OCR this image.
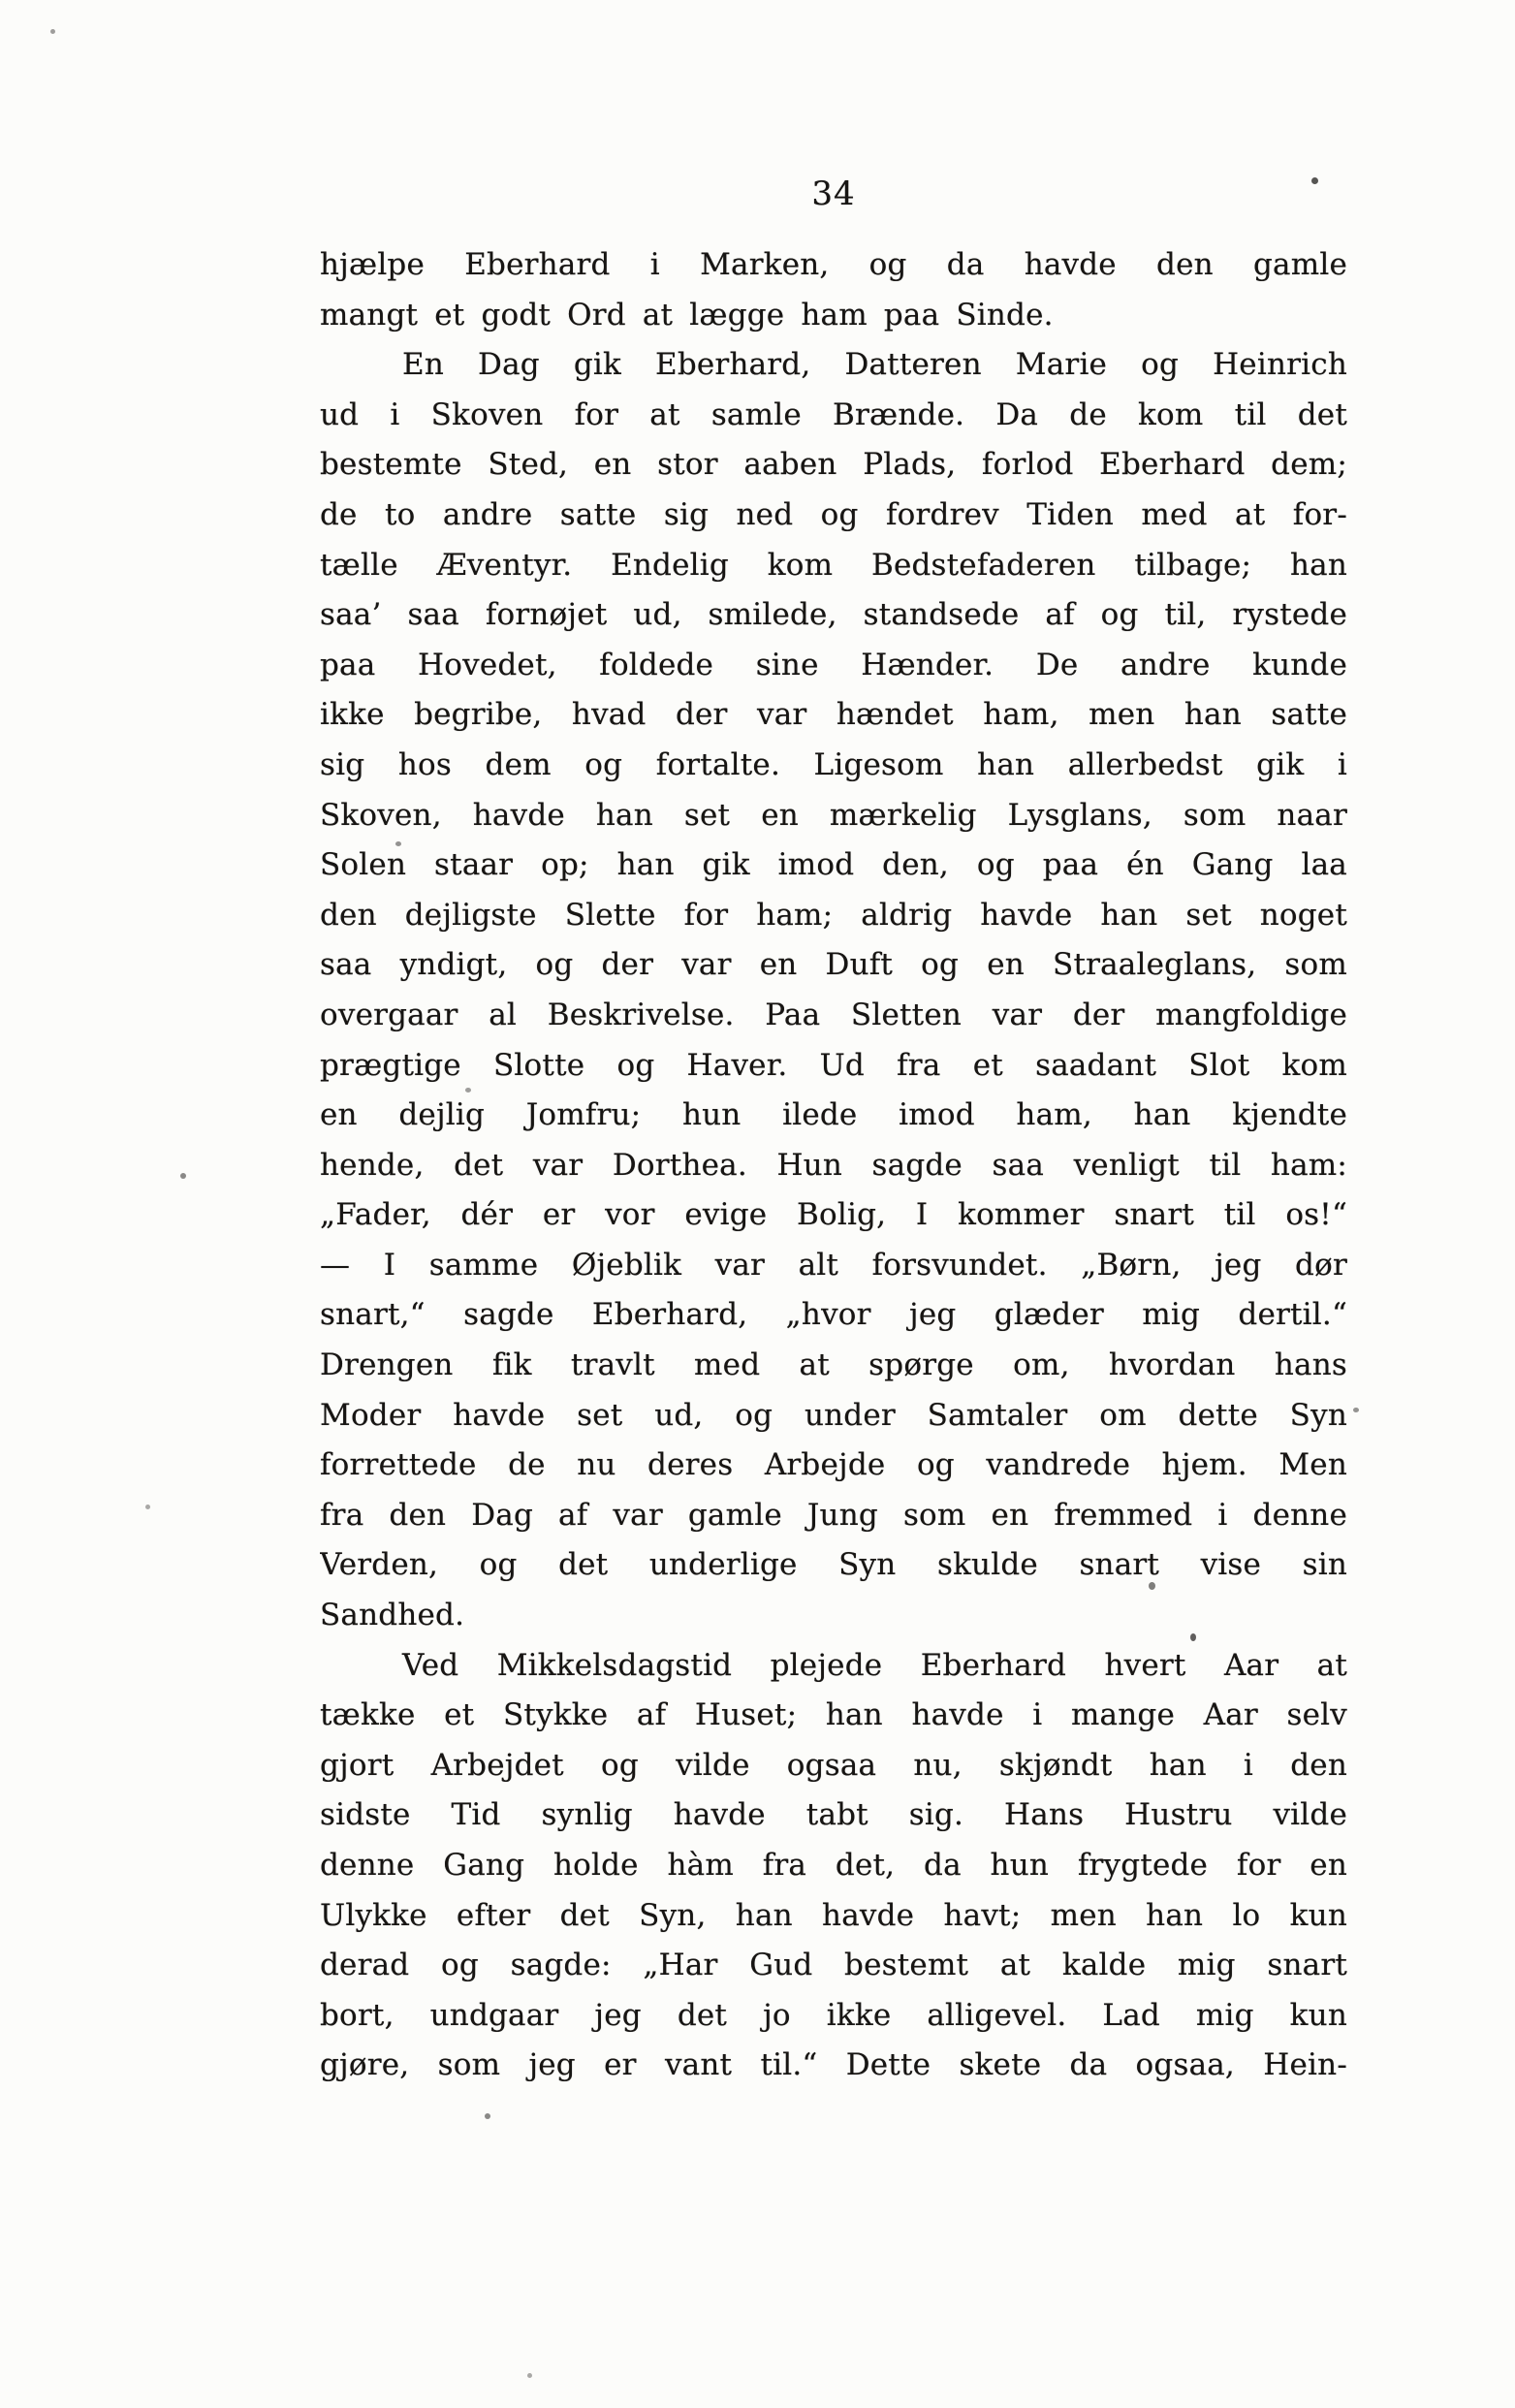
34
hjælpe Eberhard i Marken, og da havde den gamle
mangt et godt Ord at lægge ham paa Sinde.
En Dag gik Eberhard, Datteren Marie og Heinrich
ud i Skoven for at samle Brænde. Da de kom til det
bestemte Sted, en stor aaben Plads, forlod Eberhard dem;
de to andre satte sig ned og fordrev Tiden med at for-
tælle Æventyr. Endelig kom Bedstefaderen tilbage; han
saa’ saa fornøjet ud, smilede, standsede af og til, rystede
paa Hovedet, foldede sine Hænder. De andre kunde
ikke begribe, hvad der var hændet ham, men han satte
sig hos dem og fortalte. Ligesom han allerbedst gik i
Skoven, havde han set en mærkelig Lysglans, som naar
Solen staar op; han gik imod den, og paa én Gang laa
den dejligste Slette for ham; aldrig havde han set noget
saa yndigt, og der var en Duft og en Straaleglans, som
overgaar al Beskrivelse. Paa Sletten var der mangfoldige
prægtige Slotte og Haver. Ud fra et saadant Slot kom
en dejlig Jomfru; hun ilede imod ham, han kjendte
hende, det var Dorthea. Hun sagde saa venligt til ham:
„Fader, dér er vor evige Bolig, I kommer snart til os!“
— I samme Øjeblik var alt forsvundet. „Børn, jeg dør
snart,“ sagde Eberhard, „hvor jeg glæder mig dertil.“
Drengen fik travlt med at spørge om, hvordan hans
Moder havde set ud, og under Samtaler om dette Syn
forrettede de nu deres Arbejde og vandrede hjem. Men
fra den Dag af var gamle Jung som en fremmed i denne
Verden, og det underlige Syn skulde snart vise sin
Sandhed.
Ved Mikkelsdagstid plejede Eberhard hvert Aar at
tække et Stykke af Huset; han havde i mange Aar selv
gjort Arbejdet og vilde ogsaa nu, skjøndt han i den
sidste Tid synlig havde tabt sig. Hans Hustru vilde
denne Gang holde hàm fra det, da hun frygtede for en
Ulykke efter det Syn, han havde havt; men han lo kun
derad og sagde: „Har Gud bestemt at kalde mig snart
bort, undgaar jeg det jo ikke alligevel. Lad mig kun
gjøre, som jeg er vant til.“ Dette skete da ogsaa, Hein-
